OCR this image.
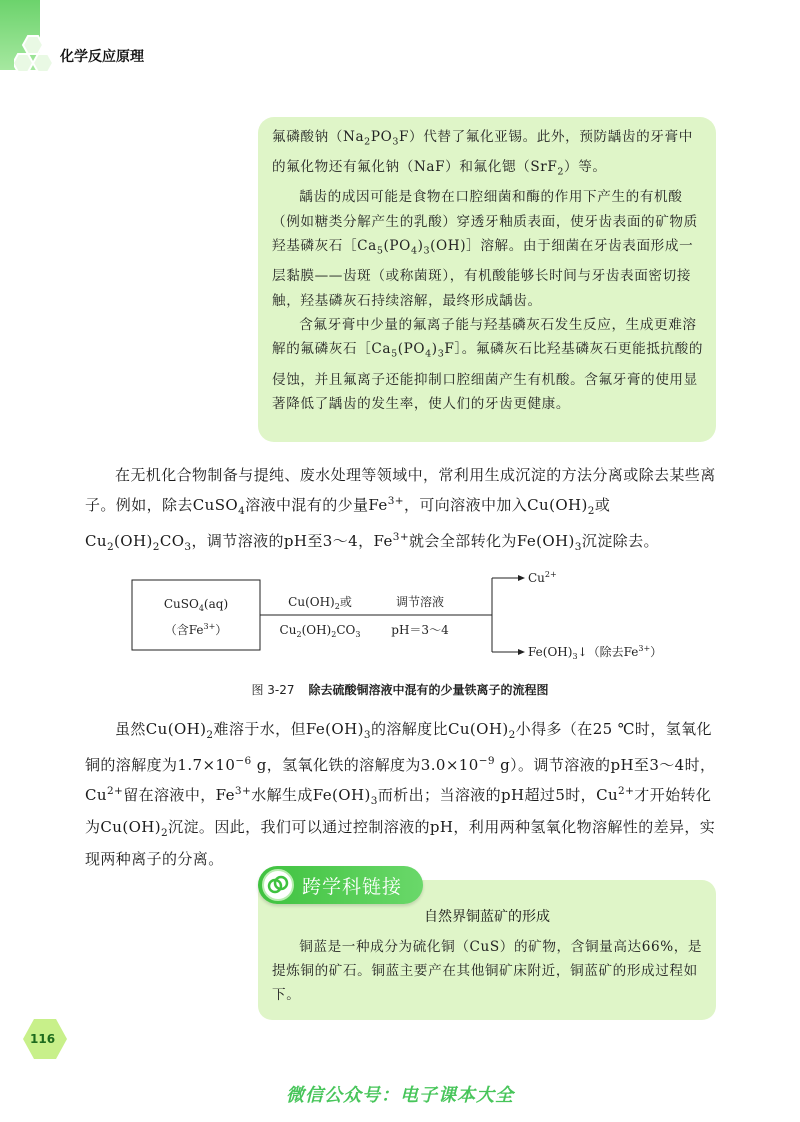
化学反应原理

氟磷酸钠$(Na_2PO_3F)$代替了氟化亚锡。此外，预防龋齿的牙膏中的氟化物还有氟化钠（NaF）和氟化锶（SrF$_2$）等。

龋齿的成因可能是食物在口腔细菌和酶的作用下产生的有机酸（例如糖类分解产生的乳酸）穿透牙釉质表面，使牙齿表面的矿物质羟基磷灰石$[Ca_5(PO_4)_3(OH)]$溶解。由于细菌在牙齿表面形成一层黏膜——齿斑（或称菌斑），有机酸能够长时间与牙齿表面密切接触，羟基磷灰石持续溶解，最终形成龋齿。

含氟牙膏中少量的氟离子能与羟基磷灰石发生反应，生成更难溶解的氟磷灰石$[Ca_5(PO_4)_3F]$。氟磷灰石比羟基磷灰石更能抵抗酸的侵蚀，并且氟离子还能抑制口腔细菌产生有机酸。含氟牙膏的使用显著降低了龋齿的发生率，使人们的牙齿更健康。

在无机化合物制备与提纯、废水处理等领域中，常利用生成沉淀的方法分离或除去某些离子。例如，除去CuSO$_4$溶液中混有的少量$Fe^{3+}$，可向溶液中加入$Cu(OH)_2$或$Cu_2(OH)_2CO_3$，调节溶液的pH至3～4，$Fe^{3+}$就会全部转化为$Fe(OH)_3$沉淀除去。

CuSO$_4$(aq)
（含$Fe^{3+}$）
$Cu(OH)_2$或
$Cu_2(OH)_2CO_3$
调节溶液
pH＝3～4
$Cu^{2+}$
$Fe(OH)_3↓$（除去$Fe^{3+}$）
图 3-27 除去硫酸铜溶液中混有的少量铁离子的流程图

虽然$Cu(OH)_2$难溶于水，但$Fe(OH)_3$的溶解度比$Cu(OH)_2$小得多（在25 ℃时，氢氧化铜的溶解度为$1.7\times 10^{-6}$ g，氢氧化铁的溶解度为$3.0\times 10^{-9}$ g）。调节溶液的pH至3～4时，$Cu^{2+}$留在溶液中，$Fe^{3+}$水解生成$Fe(OH)_3$而析出；当溶液的pH超过5时，$Cu^{2+}$才开始转化为$Cu(OH)_2$沉淀。因此，我们可以通过控制溶液的pH，利用两种氢氧化物溶解性的差异，实现两种离子的分离。

跨学科链接
自然界铜蓝矿的形成

铜蓝是一种成分为硫化铜（CuS）的矿物，含铜量高达66%，是提炼铜的矿石。铜蓝主要产在其他铜矿床附近，铜蓝矿的形成过程如下。

116
微信公众号：电子课本大全
